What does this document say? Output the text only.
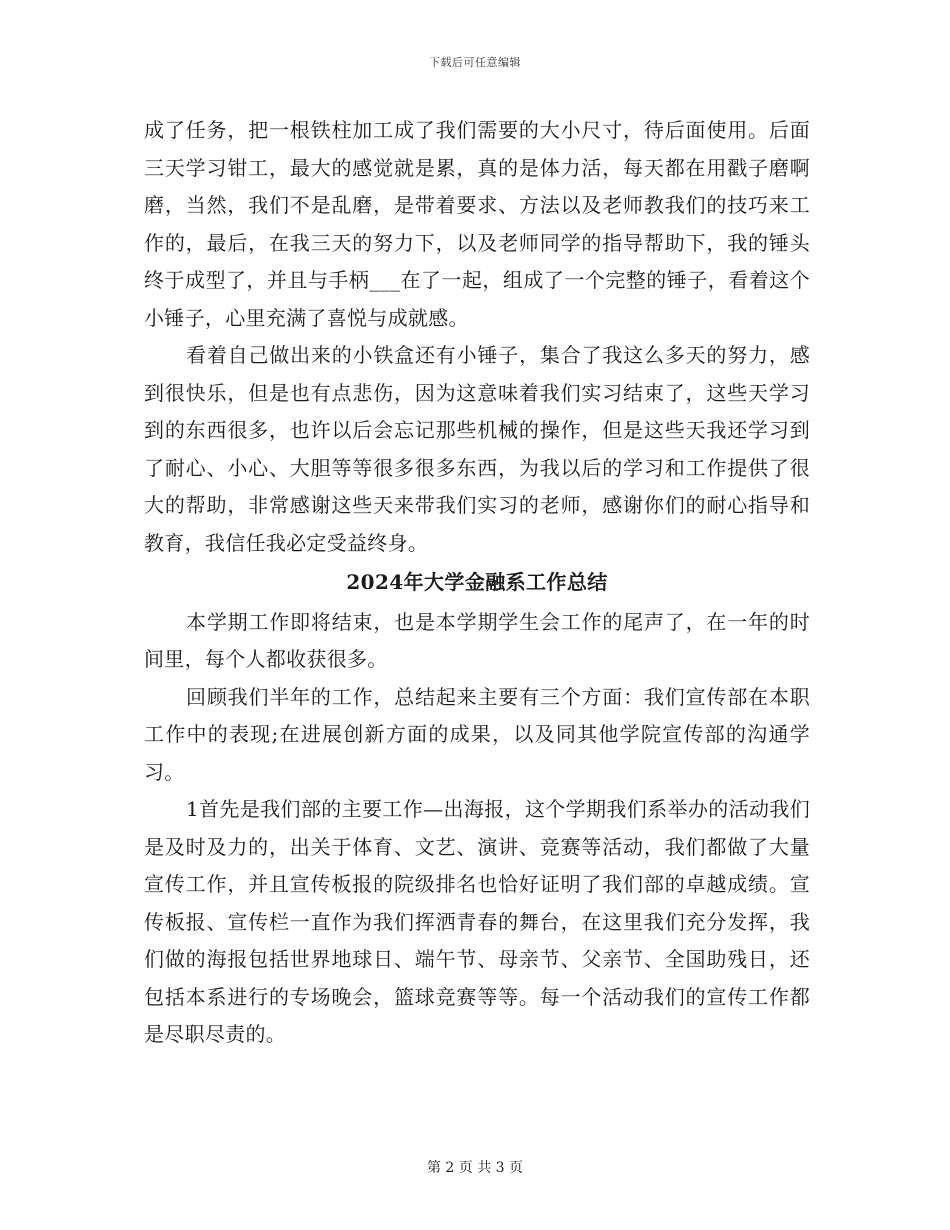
下载后可任意编辑

成了任务，把一根铁柱加工成了我们需要的大小尺寸，待后面使用。后面三天学习钳工，最大的感觉就是累，真的是体力活，每天都在用戳子磨啊磨，当然，我们不是乱磨，是带着要求、方法以及老师教我们的技巧来工作的，最后，在我三天的努力下，以及老师同学的指导帮助下，我的锤头终于成型了，并且与手柄___在了一起，组成了一个完整的锤子，看着这个小锤子，心里充满了喜悦与成就感。

看着自己做出来的小铁盒还有小锤子，集合了我这么多天的努力，感到很快乐，但是也有点悲伤，因为这意味着我们实习结束了，这些天学习到的东西很多，也许以后会忘记那些机械的操作，但是这些天我还学习到了耐心、小心、大胆等等很多很多东西，为我以后的学习和工作提供了很大的帮助，非常感谢这些天来带我们实习的老师，感谢你们的耐心指导和教育，我信任我必定受益终身。

2024年大学金融系工作总结

本学期工作即将结束，也是本学期学生会工作的尾声了，在一年的时间里，每个人都收获很多。

回顾我们半年的工作，总结起来主要有三个方面：我们宣传部在本职工作中的表现;在进展创新方面的成果，以及同其他学院宣传部的沟通学习。

1首先是我们部的主要工作—出海报，这个学期我们系举办的活动我们是及时及力的，出关于体育、文艺、演讲、竞赛等活动，我们都做了大量宣传工作，并且宣传板报的院级排名也恰好证明了我们部的卓越成绩。宣传板报、宣传栏一直作为我们挥洒青春的舞台，在这里我们充分发挥，我们做的海报包括世界地球日、端午节、母亲节、父亲节、全国助残日，还包括本系进行的专场晚会，篮球竞赛等等。每一个活动我们的宣传工作都是尽职尽责的。

第 2 页 共 3 页
